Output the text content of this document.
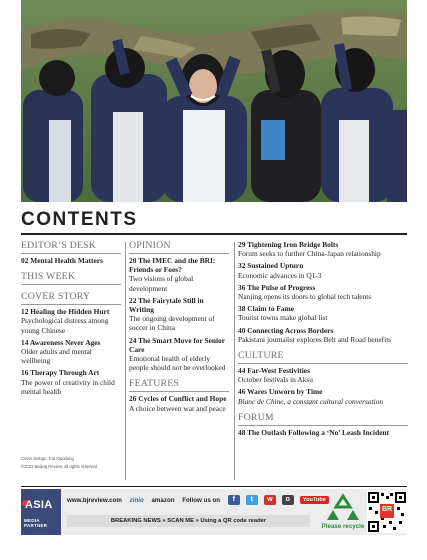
CONTENTS
EDITOR’S DESK
02 Mental Health Matters
THIS WEEK
COVER STORY
12 Healing the Hidden Hurt
Psychological distress among young Chinese
14 Awareness Never Ages
Older adults and mental wellbeing
16 Therapy Through Art
The power of creativity in child mental health
OPINION
20 The IMEC and the BRI: Friends or Foes?
Two visions of global development
22 The Fairytale Still in Writing
The ongoing development of soccer in China
24 The Smart Move for Senior Care
Emotional health of elderly people should not be overlooked
FEATURES
26 Cycles of Conflict and Hope
A choice between war and peace
29 Tightening Iron Bridge Bolts
Forum seeks to further China-Japan relationship
32 Sustained Upturn
Economic advances in Q1-3
36 The Pulse of Progress
Nanjing opens its doors to global tech talents
38 Claim to Fame
Tourist towns make global list
40 Connecting Across Borders
Pakistani journalist explores Belt and Road benefits
CULTURE
44 Far-West Festivities
October festivals in Aksu
46 Wares Unworn by Time
Blanc de Chine, a constant cultural conversation
FORUM
48 The Outlash Following a ‘No’ Leash Incident
Cover Design: Cui Xiaodong
©2023 Beijing Review, all rights reserved.
ASIA
MEDIA PARTNER
www.bjreview.com zinio amazon Follow us on f t w o YouTube
BREAKING NEWS » SCAN ME » Using a QR code reader
Please recycle
BR
